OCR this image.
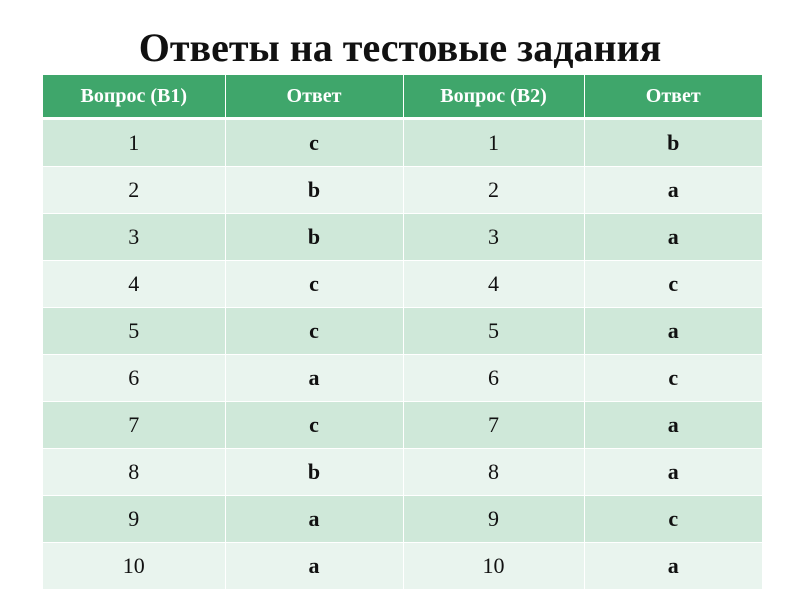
Ответы на тестовые задания
Вопрос (В1)	Ответ	Вопрос (В2)	Ответ
1	c	1	b
2	b	2	a
3	b	3	a
4	c	4	c
5	c	5	a
6	a	6	c
7	c	7	a
8	b	8	a
9	a	9	c
10	a	10	a
